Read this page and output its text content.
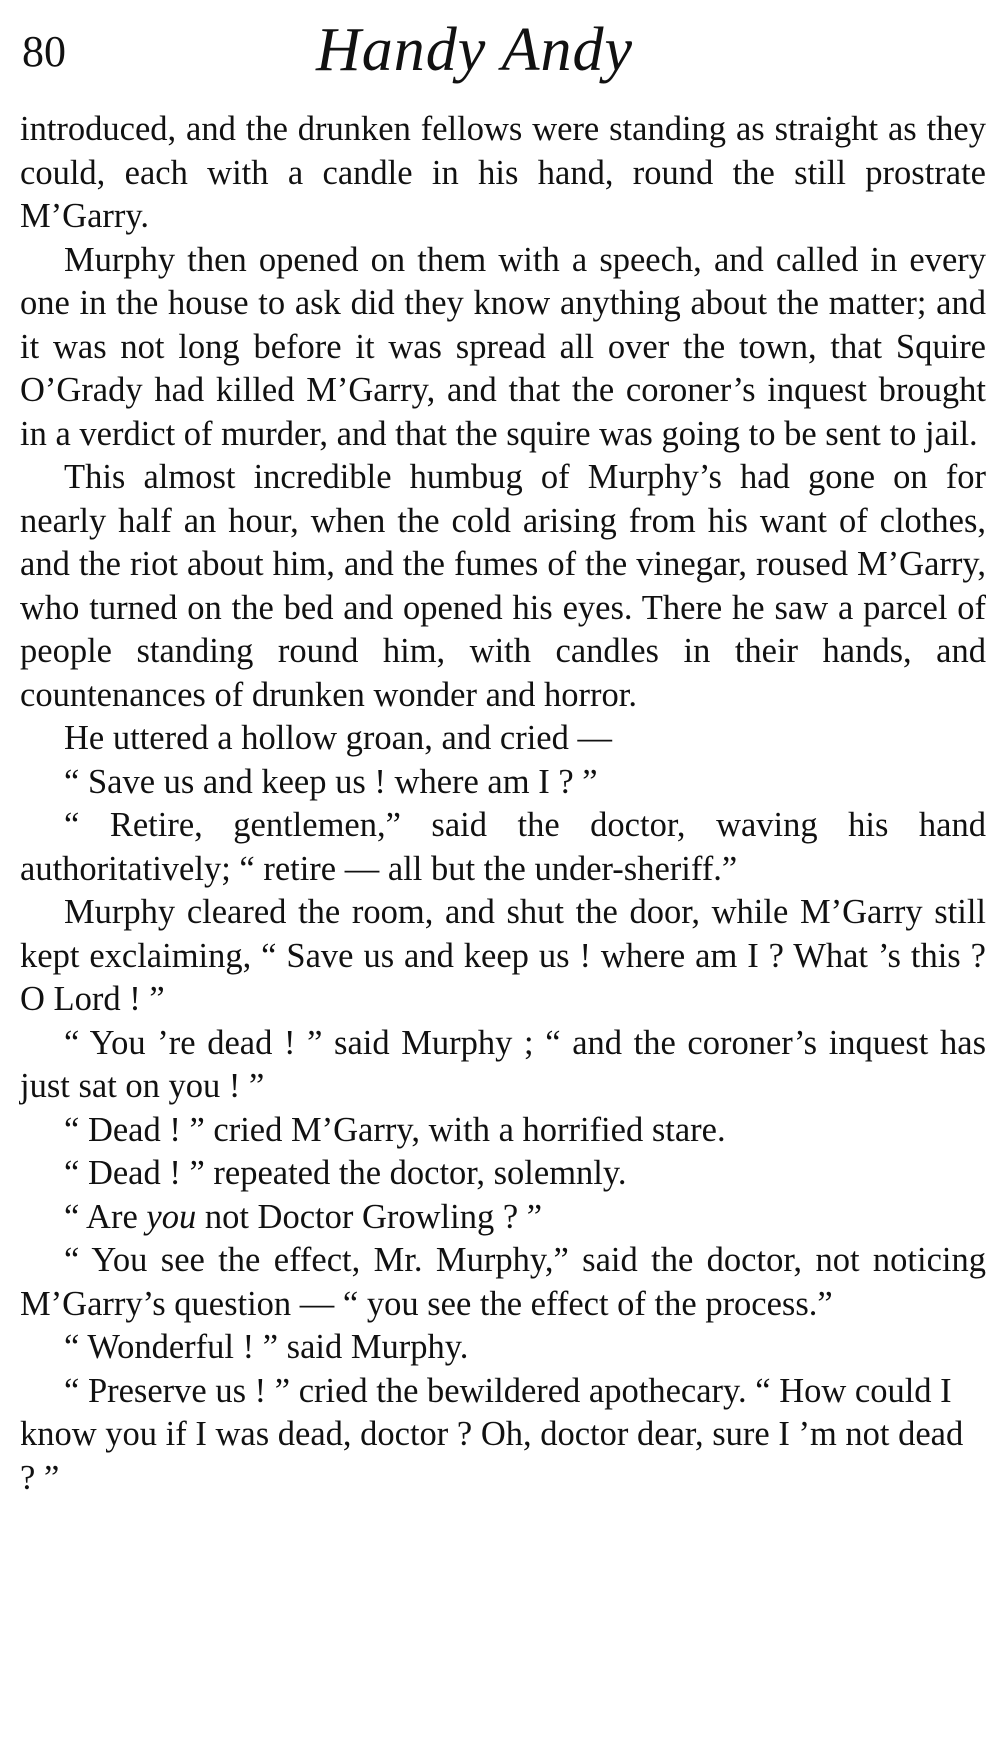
80	Handy Andy

introduced, and the drunken fellows were standing as straight as they could, each with a candle in his hand, round the still prostrate M’Garry.

Murphy then opened on them with a speech, and called in every one in the house to ask did they know anything about the matter; and it was not long before it was spread all over the town, that Squire O’Grady had killed M’Garry, and that the coroner’s inquest brought in a verdict of murder, and that the squire was going to be sent to jail.

This almost incredible humbug of Murphy’s had gone on for nearly half an hour, when the cold arising from his want of clothes, and the riot about him, and the fumes of the vinegar, roused M’Garry, who turned on the bed and opened his eyes. There he saw a parcel of people standing round him, with candles in their hands, and countenances of drunken wonder and horror.

He uttered a hollow groan, and cried —

“ Save us and keep us ! where am I ? ”

“ Retire, gentlemen,” said the doctor, waving his hand authoritatively; “ retire — all but the under-sheriff.”

Murphy cleared the room, and shut the door, while M’Garry still kept exclaiming, “ Save us and keep us ! where am I ? What ’s this ? O Lord ! ”

“ You ’re dead ! ” said Murphy ; “ and the coroner’s inquest has just sat on you ! ”

“ Dead ! ” cried M’Garry, with a horrified stare.

“ Dead ! ” repeated the doctor, solemnly.

“ Are you not Doctor Growling ? ”

“ You see the effect, Mr. Murphy,” said the doctor, not noticing M’Garry’s question — “ you see the effect of the process.”

“ Wonderful ! ” said Murphy.

“ Preserve us ! ” cried the bewildered apothecary. “ How could I know you if I was dead, doctor ? Oh, doctor dear, sure I ’m not dead ? ”
